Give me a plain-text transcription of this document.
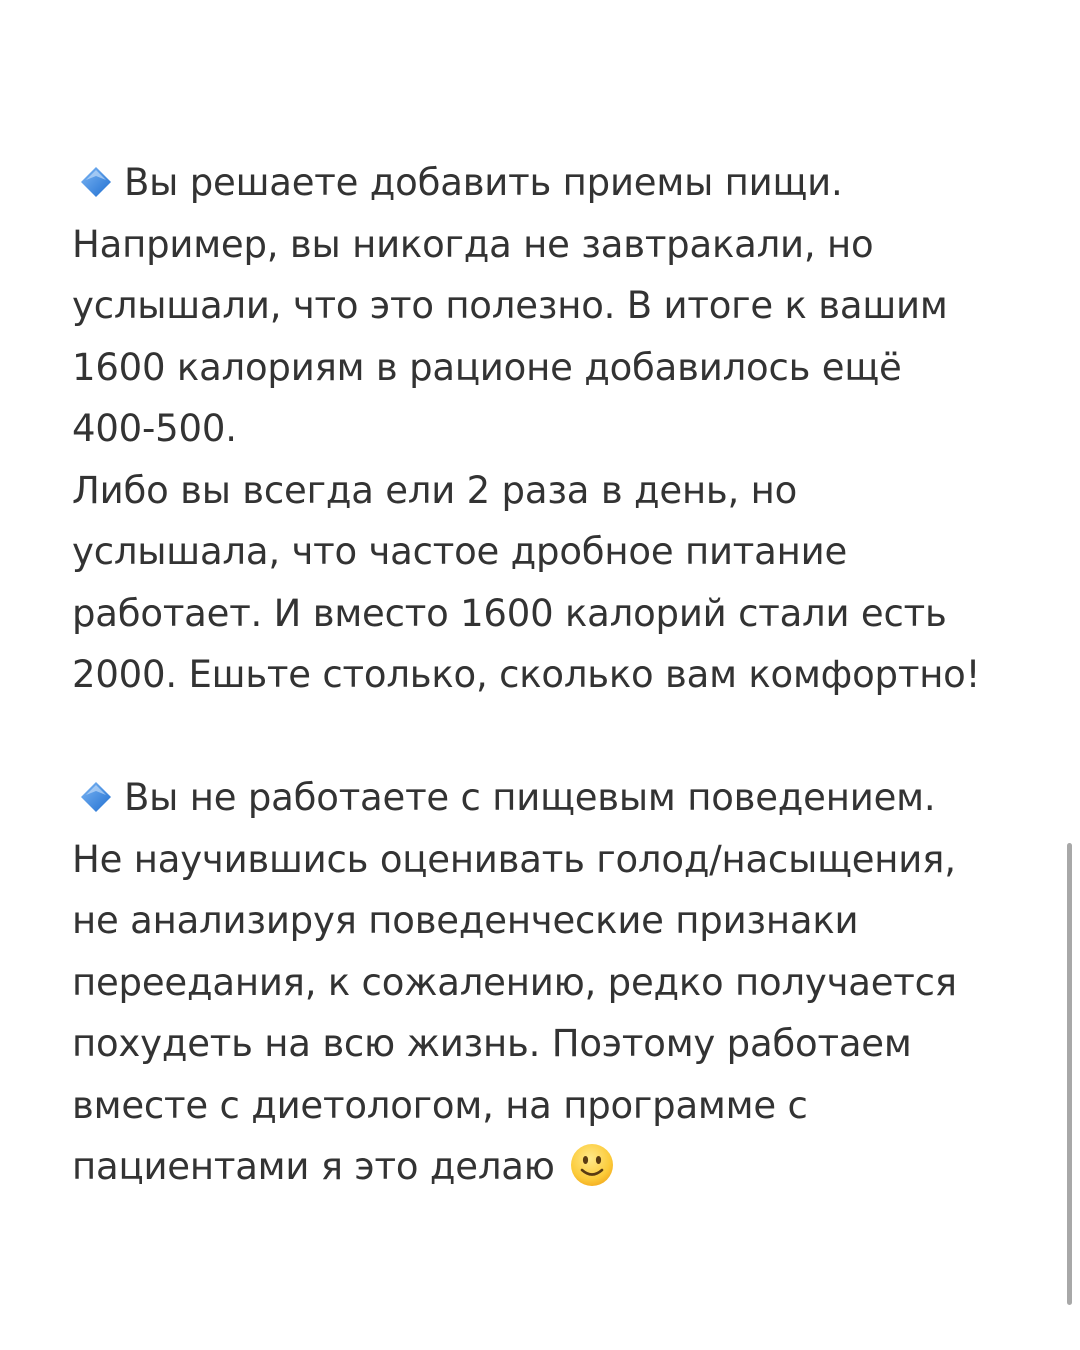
Вы решаете добавить приемы пищи.
Например, вы никогда не завтракали, но
услышали, что это полезно. В итоге к вашим
1600 калориям в рационе добавилось ещё
400-500.
Либо вы всегда ели 2 раза в день, но
услышала, что частое дробное питание
работает. И вместо 1600 калорий стали есть
2000. Ешьте столько, сколько вам комфортно!
Вы не работаете с пищевым поведением.
Не научившись оценивать голод/насыщения,
не анализируя поведенческие признаки
переедания, к сожалению, редко получается
похудеть на всю жизнь. Поэтому работаем
вместе с диетологом, на программе с
пациентами я это делаю
